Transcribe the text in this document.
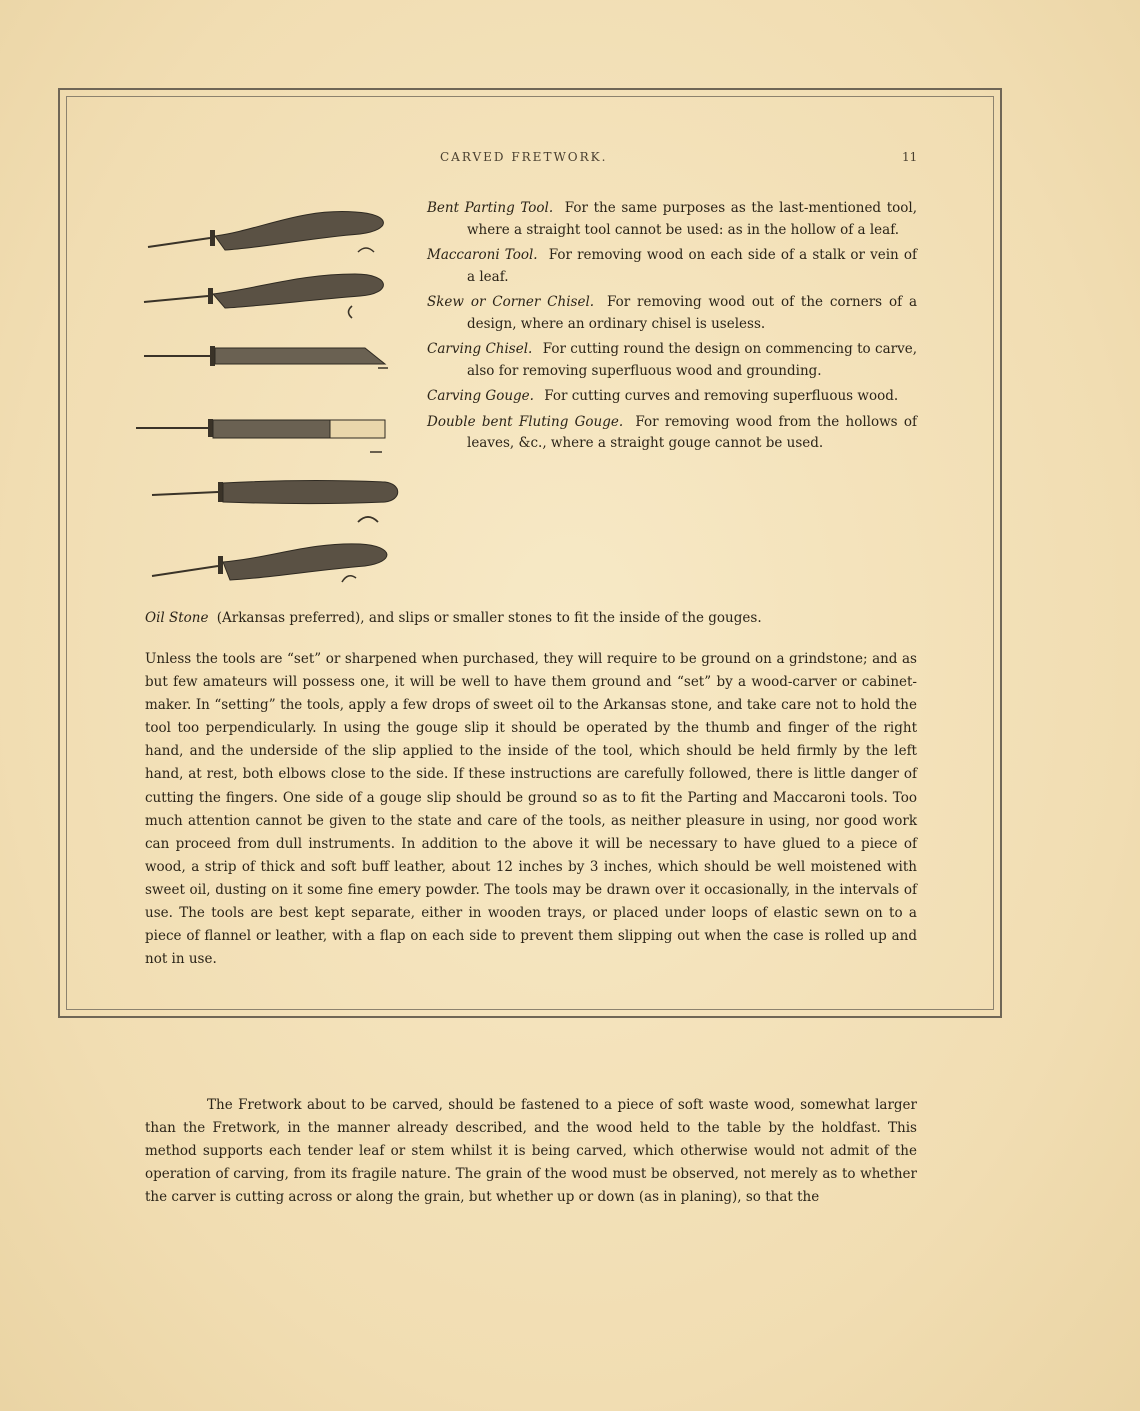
CARVED FRETWORK.	11

Bent Parting Tool. For the same purposes as the last-mentioned tool, where a straight tool cannot be used: as in the hollow of a leaf.

Maccaroni Tool. For removing wood on each side of a stalk or vein of a leaf.

Skew or Corner Chisel. For removing wood out of the corners of a design, where an ordinary chisel is useless.

Carving Chisel. For cutting round the design on commencing to carve, also for removing superfluous wood and grounding.

Carving Gouge. For cutting curves and removing superfluous wood.

Double bent Fluting Gouge. For removing wood from the hollows of leaves, &c., where a straight gouge cannot be used.

Oil Stone (Arkansas preferred), and slips or smaller stones to fit the inside of the gouges.

Unless the tools are “set” or sharpened when purchased, they will require to be ground on a grindstone; and as but few amateurs will possess one, it will be well to have them ground and “set” by a wood-carver or cabinet-maker. In “setting” the tools, apply a few drops of sweet oil to the Arkansas stone, and take care not to hold the tool too perpendicularly. In using the gouge slip it should be operated by the thumb and finger of the right hand, and the underside of the slip applied to the inside of the tool, which should be held firmly by the left hand, at rest, both elbows close to the side. If these instructions are carefully followed, there is little danger of cutting the fingers. One side of a gouge slip should be ground so as to fit the Parting and Maccaroni tools. Too much attention cannot be given to the state and care of the tools, as neither pleasure in using, nor good work can proceed from dull instruments. In addition to the above it will be necessary to have glued to a piece of wood, a strip of thick and soft buff leather, about 12 inches by 3 inches, which should be well moistened with sweet oil, dusting on it some fine emery powder. The tools may be drawn over it occasionally, in the intervals of use. The tools are best kept separate, either in wooden trays, or placed under loops of elastic sewn on to a piece of flannel or leather, with a flap on each side to prevent them slipping out when the case is rolled up and not in use.

The Fretwork about to be carved, should be fastened to a piece of soft waste wood, somewhat larger than the Fretwork, in the manner already described, and the wood held to the table by the holdfast. This method supports each tender leaf or stem whilst it is being carved, which otherwise would not admit of the operation of carving, from its fragile nature. The grain of the wood must be observed, not merely as to whether the carver is cutting across or along the grain, but whether up or down (as in planing), so that the
